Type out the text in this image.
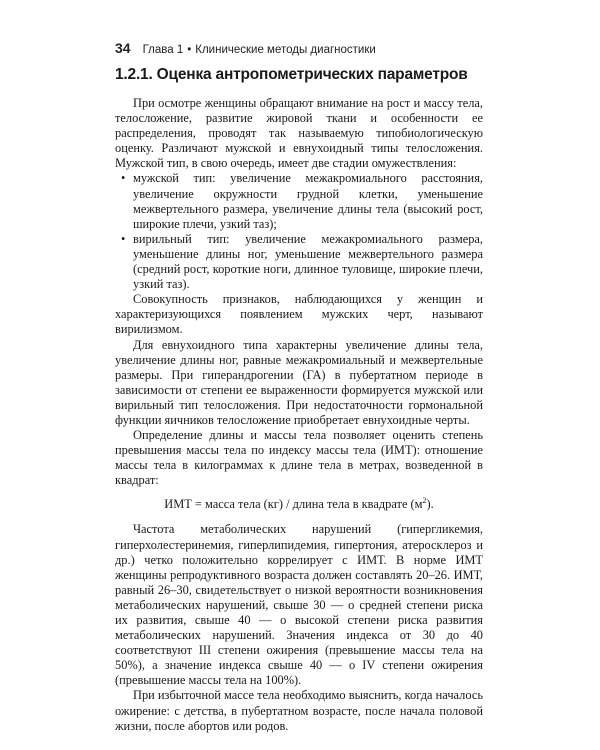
34 Глава 1 • Клинические методы диагностики
1.2.1. Оценка антропометрических параметров

При осмотре женщины обращают внимание на рост и массу тела, телосложение, развитие жировой ткани и особенности ее распределения, проводят так называемую типобиологическую оценку. Различают мужской и евнухоидный типы телосложения. Мужской тип, в свою очередь, имеет две стадии омужествления:

• мужской тип: увеличение межакромиального расстояния, увеличение окружности грудной клетки, уменьшение межвертельного размера, увеличение длины тела (высокий рост, широкие плечи, узкий таз);
• вирильный тип: увеличение межакромиального размера, уменьшение длины ног, уменьшение межвертельного размера (средний рост, короткие ноги, длинное туловище, широкие плечи, узкий таз).

Совокупность признаков, наблюдающихся у женщин и характеризующихся появлением мужских черт, называют вирилизмом.

Для евнухоидного типа характерны увеличение длины тела, увеличение длины ног, равные межакромиальный и межвертельные размеры. При гиперандрогении (ГА) в пубертатном периоде в зависимости от степени ее выраженности формируется мужской или вирильный тип телосложения. При недостаточности гормональной функции яичников телосложение приобретает евнухоидные черты.

Определение длины и массы тела позволяет оценить степень превышения массы тела по индексу массы тела (ИМТ): отношение массы тела в килограммах к длине тела в метрах, возведенной в квадрат:

ИМТ = масса тела (кг) / длина тела в квадрате $(м^2)$.

Частота метаболических нарушений (гипергликемия, гиперхолестеринемия, гиперлипидемия, гипертония, атеросклероз и др.) четко положительно коррелирует с ИМТ. В норме ИМТ женщины репродуктивного возраста должен составлять 20–26. ИМТ, равный 26–30, свидетельствует о низкой вероятности возникновения метаболических нарушений, свыше 30 — о средней степени риска их развития, свыше 40 — о высокой степени риска развития метаболических нарушений. Значения индекса от 30 до 40 соответствуют III степени ожирения (превышение массы тела на 50%), а значение индекса свыше 40 — о IV степени ожирения (превышение массы тела на 100%).

При избыточной массе тела необходимо выяснить, когда началось ожирение: с детства, в пубертатном возрасте, после начала половой жизни, после абортов или родов.
